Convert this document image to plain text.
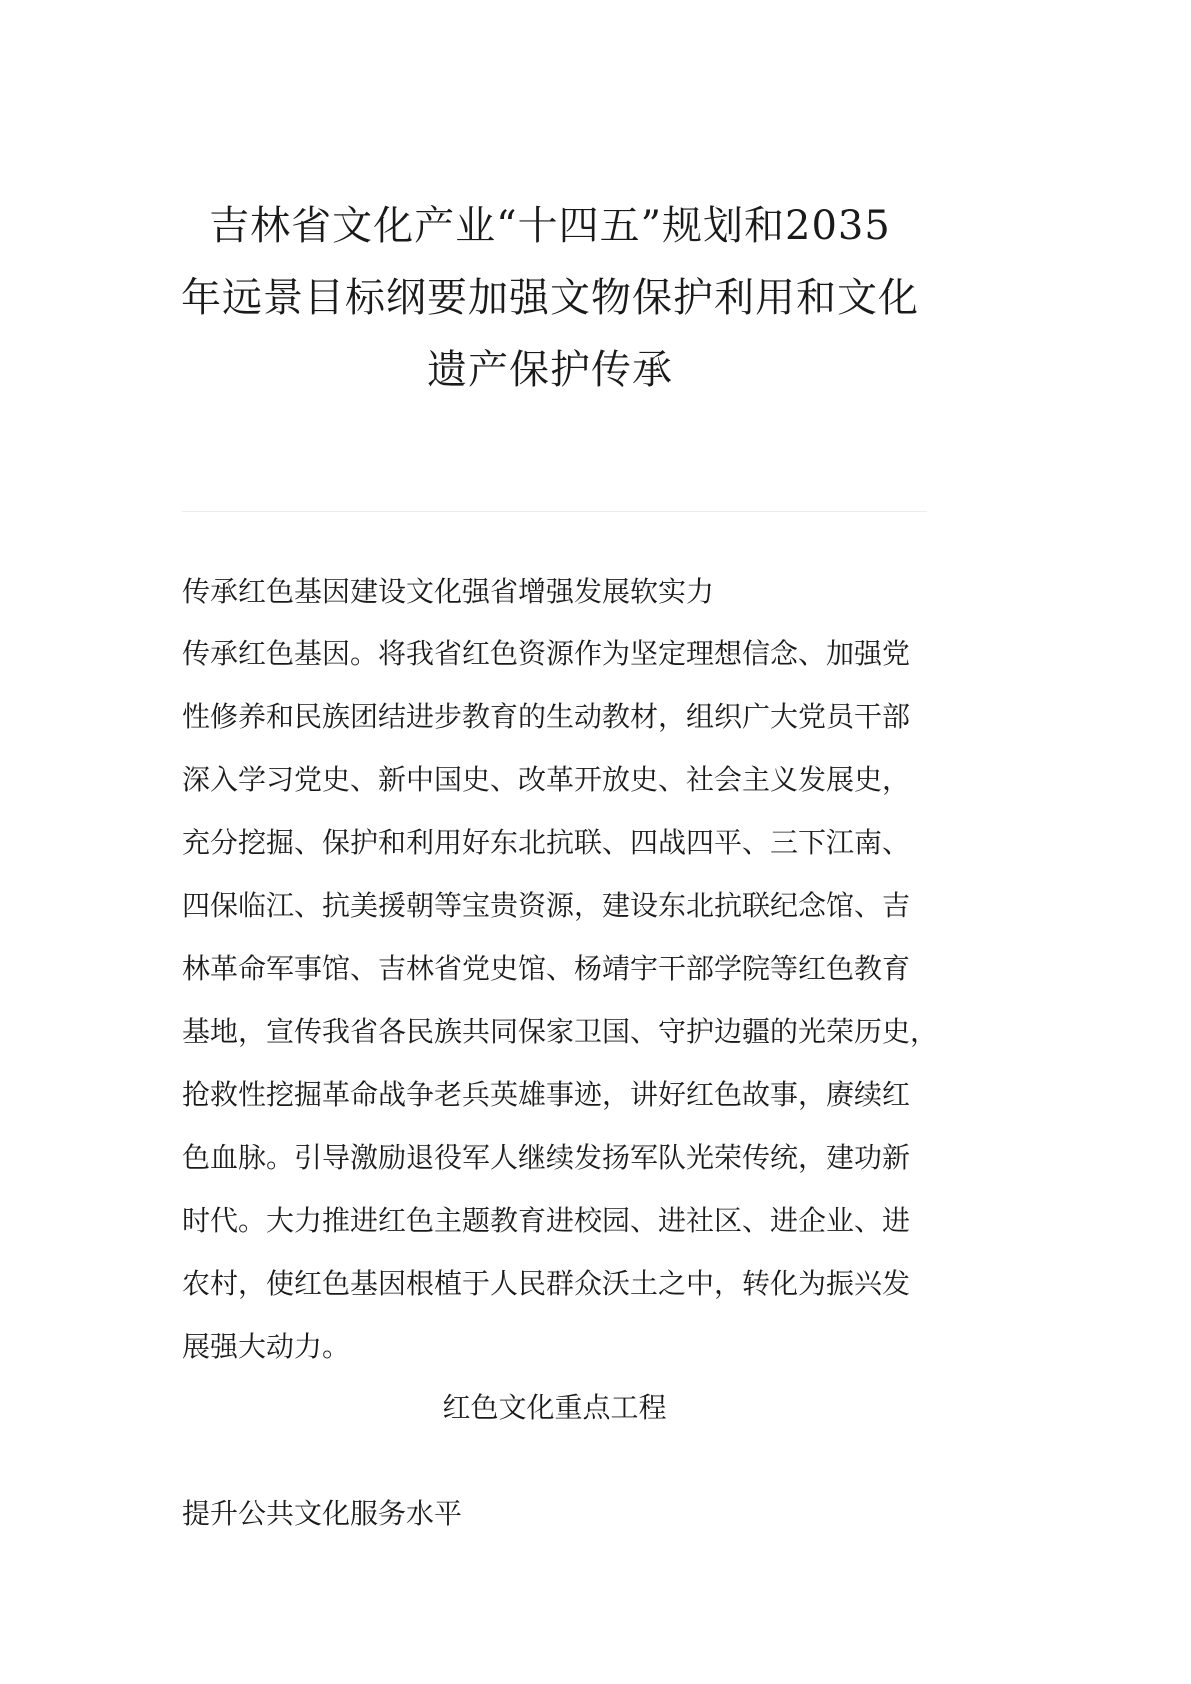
吉林省文化产业“十四五”规划和2035
年远景目标纲要加强文物保护利用和文化
遗产保护传承

传承红色基因建设文化强省增强发展软实力

传承红色基因。将我省红色资源作为坚定理想信念、加强党
性修养和民族团结进步教育的生动教材，组织广大党员干部
深入学习党史、新中国史、改革开放史、社会主义发展史，
充分挖掘、保护和利用好东北抗联、四战四平、三下江南、
四保临江、抗美援朝等宝贵资源，建设东北抗联纪念馆、吉
林革命军事馆、吉林省党史馆、杨靖宇干部学院等红色教育
基地，宣传我省各民族共同保家卫国、守护边疆的光荣历史，
抢救性挖掘革命战争老兵英雄事迹，讲好红色故事，赓续红
色血脉。引导激励退役军人继续发扬军队光荣传统，建功新
时代。大力推进红色主题教育进校园、进社区、进企业、进
农村，使红色基因根植于人民群众沃土之中，转化为振兴发
展强大动力。

红色文化重点工程

提升公共文化服务水平
